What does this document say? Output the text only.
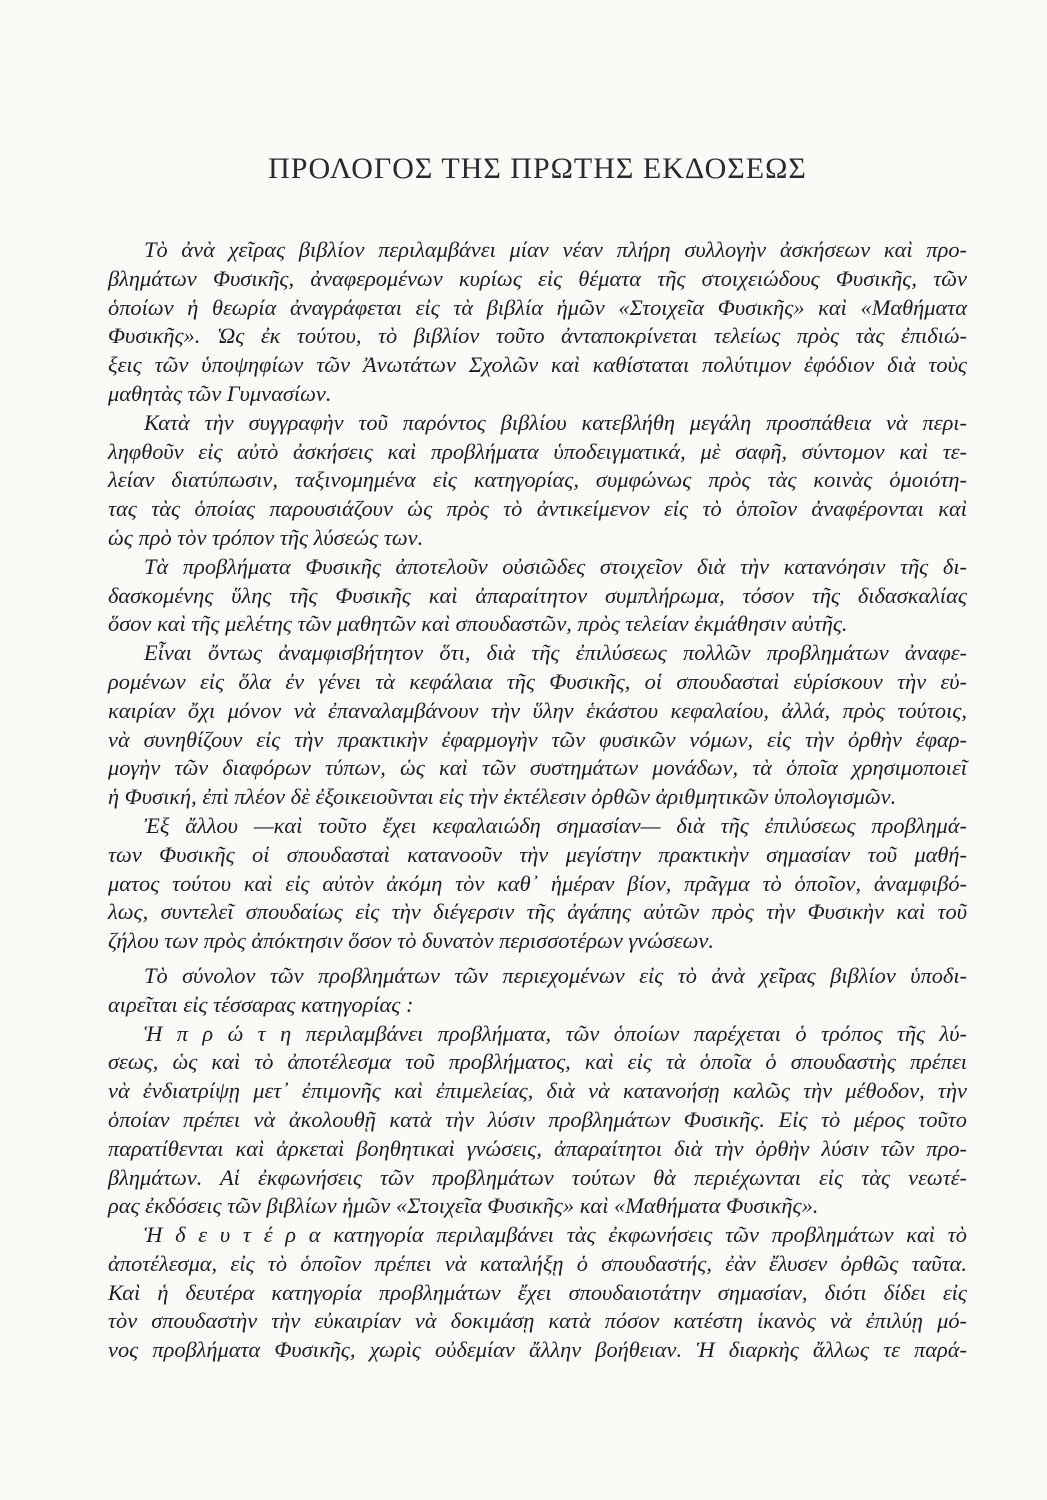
ΠΡΟΛΟΓΟΣ ΤΗΣ ΠΡΩΤΗΣ ΕΚΔΟΣΕΩΣ
Τὸ ἀνὰ χεῖρας βιβλίον περιλαμβάνει μίαν νέαν πλήρη συλλογὴν ἀσκήσεων καὶ προ-
βλημάτων Φυσικῆς, ἀναφερομένων κυρίως εἰς θέματα τῆς στοιχειώδους Φυσικῆς, τῶν
ὁποίων ἡ θεωρία ἀναγράφεται εἰς τὰ βιβλία ἡμῶν «Στοιχεῖα Φυσικῆς» καὶ «Μαθήματα
Φυσικῆς». Ὡς ἐκ τούτου, τὸ βιβλίον τοῦτο ἀνταποκρίνεται τελείως πρὸς τὰς ἐπιδιώ-
ξεις τῶν ὑποψηφίων τῶν Ἀνωτάτων Σχολῶν καὶ καθίσταται πολύτιμον ἐφόδιον διὰ τοὺς
μαθητὰς τῶν Γυμνασίων.
Κατὰ τὴν συγγραφὴν τοῦ παρόντος βιβλίου κατεβλήθη μεγάλη προσπάθεια νὰ περι-
ληφθοῦν εἰς αὐτὸ ἀσκήσεις καὶ προβλήματα ὑποδειγματικά, μὲ σαφῆ, σύντομον καὶ τε-
λείαν διατύπωσιν, ταξινομημένα εἰς κατηγορίας, συμφώνως πρὸς τὰς κοινὰς ὁμοιότη-
τας τὰς ὁποίας παρουσιάζουν ὡς πρὸς τὸ ἀντικείμενον εἰς τὸ ὁποῖον ἀναφέρονται καὶ
ὡς πρὸ τὸν τρόπον τῆς λύσεώς των.
Τὰ προβλήματα Φυσικῆς ἀποτελοῦν οὐσιῶδες στοιχεῖον διὰ τὴν κατανόησιν τῆς δι-
δασκομένης ὕλης τῆς Φυσικῆς καὶ ἀπαραίτητον συμπλήρωμα, τόσον τῆς διδασκαλίας
ὅσον καὶ τῆς μελέτης τῶν μαθητῶν καὶ σπουδαστῶν, πρὸς τελείαν ἐκμάθησιν αὐτῆς.
Εἶναι ὄντως ἀναμφισβήτητον ὅτι, διὰ τῆς ἐπιλύσεως πολλῶν προβλημάτων ἀναφε-
ρομένων εἰς ὅλα ἐν γένει τὰ κεφάλαια τῆς Φυσικῆς, οἱ σπουδασταὶ εὑρίσκουν τὴν εὐ-
καιρίαν ὄχι μόνον νὰ ἐπαναλαμβάνουν τὴν ὕλην ἑκάστου κεφαλαίου, ἀλλά, πρὸς τούτοις,
νὰ συνηθίζουν εἰς τὴν πρακτικὴν ἐφαρμογὴν τῶν φυσικῶν νόμων, εἰς τὴν ὀρθὴν ἐφαρ-
μογὴν τῶν διαφόρων τύπων, ὡς καὶ τῶν συστημάτων μονάδων, τὰ ὁποῖα χρησιμοποιεῖ
ἡ Φυσική, ἐπὶ πλέον δὲ ἐξοικειοῦνται εἰς τὴν ἐκτέλεσιν ὀρθῶν ἀριθμητικῶν ὑπολογισμῶν.
Ἐξ ἄλλου —καὶ τοῦτο ἔχει κεφαλαιώδη σημασίαν— διὰ τῆς ἐπιλύσεως προβλημά-
των Φυσικῆς οἱ σπουδασταὶ κατανοοῦν τὴν μεγίστην πρακτικὴν σημασίαν τοῦ μαθή-
ματος τούτου καὶ εἰς αὐτὸν ἀκόμη τὸν καθ᾽ ἡμέραν βίον, πρᾶγμα τὸ ὁποῖον, ἀναμφιβό-
λως, συντελεῖ σπουδαίως εἰς τὴν διέγερσιν τῆς ἀγάπης αὐτῶν πρὸς τὴν Φυσικὴν καὶ τοῦ
ζήλου των πρὸς ἀπόκτησιν ὅσον τὸ δυνατὸν περισσοτέρων γνώσεων.
Τὸ σύνολον τῶν προβλημάτων τῶν περιεχομένων εἰς τὸ ἀνὰ χεῖρας βιβλίον ὑποδι-
αιρεῖται εἰς τέσσαρας κατηγορίας :
Ἡ π ρ ώ τ η περιλαμβάνει προβλήματα, τῶν ὁποίων παρέχεται ὁ τρόπος τῆς λύ-
σεως, ὡς καὶ τὸ ἀποτέλεσμα τοῦ προβλήματος, καὶ εἰς τὰ ὁποῖα ὁ σπουδαστὴς πρέπει
νὰ ἐνδιατρίψῃ μετ᾽ ἐπιμονῆς καὶ ἐπιμελείας, διὰ νὰ κατανοήσῃ καλῶς τὴν μέθοδον, τὴν
ὁποίαν πρέπει νὰ ἀκολουθῇ κατὰ τὴν λύσιν προβλημάτων Φυσικῆς. Εἰς τὸ μέρος τοῦτο
παρατίθενται καὶ ἀρκεταὶ βοηθητικαὶ γνώσεις, ἀπαραίτητοι διὰ τὴν ὀρθὴν λύσιν τῶν προ-
βλημάτων. Αἱ ἐκφωνήσεις τῶν προβλημάτων τούτων θὰ περιέχωνται εἰς τὰς νεωτέ-
ρας ἐκδόσεις τῶν βιβλίων ἡμῶν «Στοιχεῖα Φυσικῆς» καὶ «Μαθήματα Φυσικῆς».
Ἡ δ ε υ τ έ ρ α κατηγορία περιλαμβάνει τὰς ἐκφωνήσεις τῶν προβλημάτων καὶ τὸ
ἀποτέλεσμα, εἰς τὸ ὁποῖον πρέπει νὰ καταλήξῃ ὁ σπουδαστής, ἐὰν ἔλυσεν ὀρθῶς ταῦτα.
Καὶ ἡ δευτέρα κατηγορία προβλημάτων ἔχει σπουδαιοτάτην σημασίαν, διότι δίδει εἰς
τὸν σπουδαστὴν τὴν εὐκαιρίαν νὰ δοκιμάσῃ κατὰ πόσον κατέστη ἱκανὸς νὰ ἐπιλύῃ μό-
νος προβλήματα Φυσικῆς, χωρὶς οὐδεμίαν ἄλλην βοήθειαν. Ἡ διαρκὴς ἄλλως τε παρά-
